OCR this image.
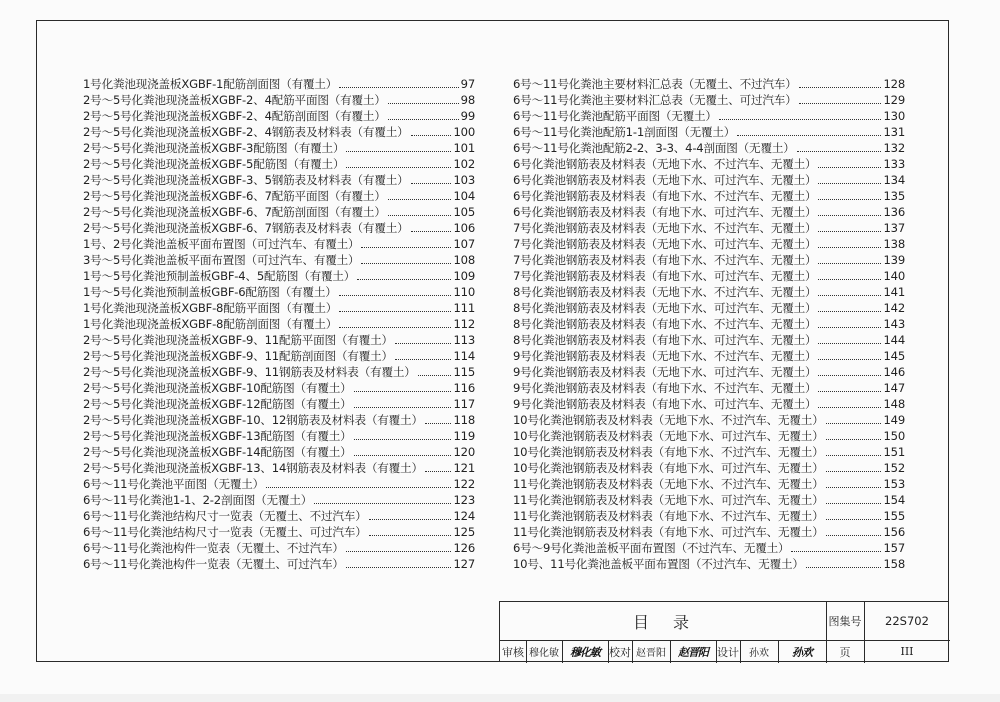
1号化粪池现浇盖板XGBF-1配筋剖面图（有覆土）	97
2号～5号化粪池现浇盖板XGBF-2、4配筋平面图（有覆土）	98
2号～5号化粪池现浇盖板XGBF-2、4配筋剖面图（有覆土）	99
2号～5号化粪池现浇盖板XGBF-2、4钢筋表及材料表（有覆土）	100
2号～5号化粪池现浇盖板XGBF-3配筋图（有覆土）	101
2号～5号化粪池现浇盖板XGBF-5配筋图（有覆土）	102
2号～5号化粪池现浇盖板XGBF-3、5钢筋表及材料表（有覆土）	103
2号～5号化粪池现浇盖板XGBF-6、7配筋平面图（有覆土）	104
2号～5号化粪池现浇盖板XGBF-6、7配筋剖面图（有覆土）	105
2号～5号化粪池现浇盖板XGBF-6、7钢筋表及材料表（有覆土）	106
1号、2号化粪池盖板平面布置图（可过汽车、有覆土）	107
3号～5号化粪池盖板平面布置图（可过汽车、有覆土）	108
1号～5号化粪池预制盖板GBF-4、5配筋图（有覆土）	109
1号～5号化粪池预制盖板GBF-6配筋图（有覆土）	110
1号化粪池现浇盖板XGBF-8配筋平面图（有覆土）	111
1号化粪池现浇盖板XGBF-8配筋剖面图（有覆土）	112
2号～5号化粪池现浇盖板XGBF-9、11配筋平面图（有覆土）	113
2号～5号化粪池现浇盖板XGBF-9、11配筋剖面图（有覆土）	114
2号～5号化粪池现浇盖板XGBF-9、11钢筋表及材料表（有覆土）	115
2号～5号化粪池现浇盖板XGBF-10配筋图（有覆土）	116
2号～5号化粪池现浇盖板XGBF-12配筋图（有覆土）	117
2号～5号化粪池现浇盖板XGBF-10、12钢筋表及材料表（有覆土）	118
2号～5号化粪池现浇盖板XGBF-13配筋图（有覆土）	119
2号～5号化粪池现浇盖板XGBF-14配筋图（有覆土）	120
2号～5号化粪池现浇盖板XGBF-13、14钢筋表及材料表（有覆土）	121
6号～11号化粪池平面图（无覆土）	122
6号～11号化粪池1-1、2-2剖面图（无覆土）	123
6号～11号化粪池结构尺寸一览表（无覆土、不过汽车）	124
6号～11号化粪池结构尺寸一览表（无覆土、可过汽车）	125
6号～11号化粪池构件一览表（无覆土、不过汽车）	126
6号～11号化粪池构件一览表（无覆土、可过汽车）	127
6号～11号化粪池主要材料汇总表（无覆土、不过汽车）	128
6号～11号化粪池主要材料汇总表（无覆土、可过汽车）	129
6号～11号化粪池配筋平面图（无覆土）	130
6号～11号化粪池配筋1-1剖面图（无覆土）	131
6号～11号化粪池配筋2-2、3-3、4-4剖面图（无覆土）	132
6号化粪池钢筋表及材料表（无地下水、不过汽车、无覆土）	133
6号化粪池钢筋表及材料表（无地下水、可过汽车、无覆土）	134
6号化粪池钢筋表及材料表（有地下水、不过汽车、无覆土）	135
6号化粪池钢筋表及材料表（有地下水、可过汽车、无覆土）	136
7号化粪池钢筋表及材料表（无地下水、不过汽车、无覆土）	137
7号化粪池钢筋表及材料表（无地下水、可过汽车、无覆土）	138
7号化粪池钢筋表及材料表（有地下水、不过汽车、无覆土）	139
7号化粪池钢筋表及材料表（有地下水、可过汽车、无覆土）	140
8号化粪池钢筋表及材料表（无地下水、不过汽车、无覆土）	141
8号化粪池钢筋表及材料表（无地下水、可过汽车、无覆土）	142
8号化粪池钢筋表及材料表（有地下水、不过汽车、无覆土）	143
8号化粪池钢筋表及材料表（有地下水、可过汽车、无覆土）	144
9号化粪池钢筋表及材料表（无地下水、不过汽车、无覆土）	145
9号化粪池钢筋表及材料表（无地下水、可过汽车、无覆土）	146
9号化粪池钢筋表及材料表（有地下水、不过汽车、无覆土）	147
9号化粪池钢筋表及材料表（有地下水、可过汽车、无覆土）	148
10号化粪池钢筋表及材料表（无地下水、不过汽车、无覆土）	149
10号化粪池钢筋表及材料表（无地下水、可过汽车、无覆土）	150
10号化粪池钢筋表及材料表（有地下水、不过汽车、无覆土）	151
10号化粪池钢筋表及材料表（有地下水、可过汽车、无覆土）	152
11号化粪池钢筋表及材料表（无地下水、不过汽车、无覆土）	153
11号化粪池钢筋表及材料表（无地下水、可过汽车、无覆土）	154
11号化粪池钢筋表及材料表（有地下水、不过汽车、无覆土）	155
11号化粪池钢筋表及材料表（有地下水、可过汽车、无覆土）	156
6号～9号化粪池盖板平面布置图（不过汽车、无覆土）	157
10号、11号化粪池盖板平面布置图（不过汽车、无覆土）	158
目　录	图集号	22S702
审核 穆化敏	穆化敏 校对 赵晋阳	赵晋阳 设计	孙欢	孙欢	页	III
